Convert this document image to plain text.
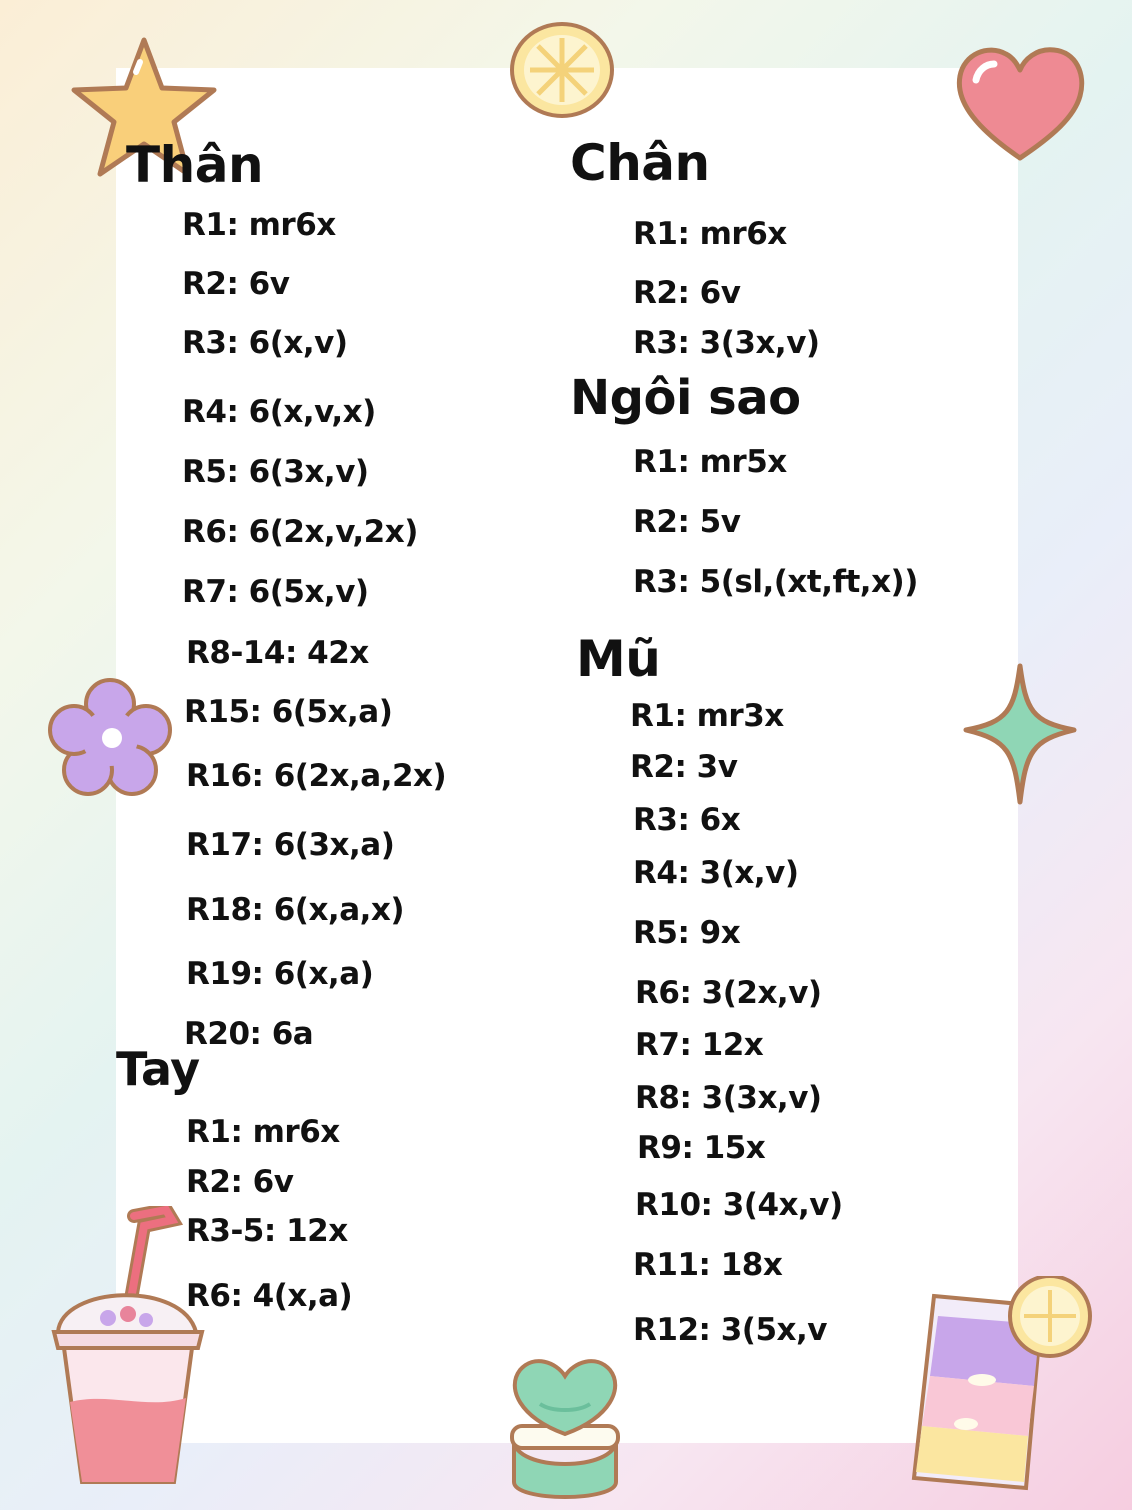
Thân
R1: mr6x
R2: 6v
R3: 6(x,v)
R4: 6(x,v,x)
R5: 6(3x,v)
R6: 6(2x,v,2x)
R7: 6(5x,v)
R8-14: 42x
R15: 6(5x,a)
R16: 6(2x,a,2x)
R17: 6(3x,a)
R18: 6(x,a,x)
R19: 6(x,a)
R20: 6a
Tay
R1: mr6x
R2: 6v
R3-5: 12x
R6: 4(x,a)
Chân
R1: mr6x
R2: 6v
R3: 3(3x,v)
Ngôi sao
R1: mr5x
R2: 5v
R3: 5(sl,(xt,ft,x))
Mũ
R1: mr3x
R2: 3v
R3: 6x
R4: 3(x,v)
R5: 9x
R6: 3(2x,v)
R7: 12x
R8: 3(3x,v)
R9: 15x
R10: 3(4x,v)
R11: 18x
R12: 3(5x,v
